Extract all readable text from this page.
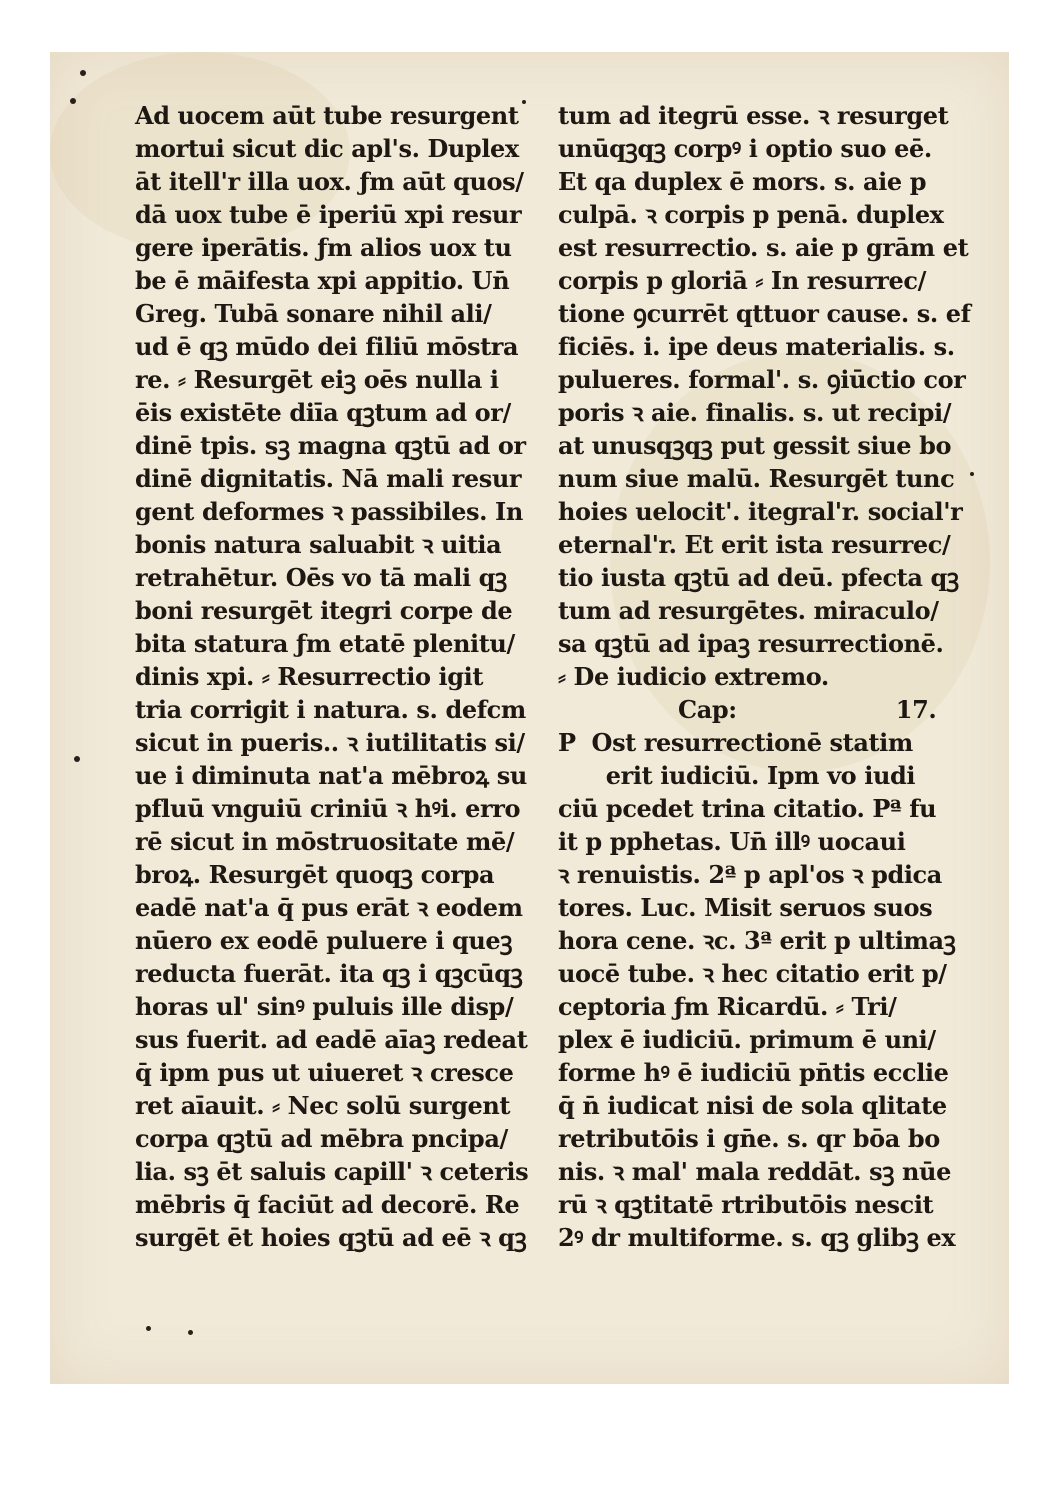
Ad uocem aūt tube resurgent
mortui sicut dic apl's. Duplex
āt itell'r illa uox. ƒm aūt quos/
dā uox tube ē iperiū xpi resur
gere iperātis. ƒm alios uox tu
be ē māifesta xpi appitio. Un̄
Greg. Tubā sonare nihil ali/
ud ē qꝫ mūdo dei filiū mōstra
re. ⸗ Resurgēt eiꝫ oēs nulla i
ēis existēte diīa qꝫtum ad or/
dinē tpis. sꝫ magna qꝫtū ad or
dinē dignitatis. Nā mali resur
gent deformes ꝛ passibiles. In
bonis natura saluabit ꝛ uitia
retrahētur. Oēs vo tā mali qꝫ
boni resurgēt itegri corpe de
bita statura ƒm etatē plenitu/
dinis xpi. ⸗ Resurrectio igit
tria corrigit i natura. s. defcm
sicut in pueris.. ꝛ iutilitatis si/
ue i diminuta nat'a mēbroꝝ su
pfluū vnguiū criniū ꝛ hꝰi. erro
rē sicut in mōstruositate mē/
broꝝ. Resurgēt quoqꝫ corpa
eadē nat'a q̄ pus erāt ꝛ eodem
nūero ex eodē puluere i queꝫ
reducta fuerāt. ita qꝫ i qꝫcūqꝫ
horas ul' sinꝰ puluis ille disp/
sus fuerit. ad eadē aīaꝫ redeat
q̄ ipm pus ut uiueret ꝛ cresce
ret aīauit. ⸗ Nec solū surgent
corpa qꝫtū ad mēbra pncipa/
lia. sꝫ ēt saluis capill' ꝛ ceteris
mēbris q̄ faciūt ad decorē. Re
surgēt ēt hoies qꝫtū ad eē ꝛ qꝫ
tum ad itegrū esse. ꝛ resurget
unūqꝫqꝫ corpꝰ i optio suo eē.
Et qa duplex ē mors. s. aie p
culpā. ꝛ corpis p penā. duplex
est resurrectio. s. aie p grām et
corpis p gloriā ⸗ In resurrec/
tione ꝯcurrēt qttuor cause. s. ef
ficiēs. i. ipe deus materialis. s.
pulueres. formal'. s. ꝯiūctio cor
poris ꝛ aie. finalis. s. ut recipi/
at unusqꝫqꝫ put gessit siue bo
num siue malū. Resurgēt tunc
hoies uelocit'. itegral'r. social'r
eternal'r. Et erit ista resurrec/
tio iusta qꝫtū ad deū. pfecta qꝫ
tum ad resurgētes. miraculo/
sa qꝫtū ad ipaꝫ resurrectionē.
⸗ De iudicio extremo.
Cap:                    17.
P  Ost resurrectionē statim
erit iudiciū. Ipm vo iudi
ciū pcedet trina citatio. Pª fu
it p pphetas. Un̄ illꝰ uocaui
ꝛ renuistis. 2ª p apl'os ꝛ pdica
tores. Luc. Misit seruos suos
hora cene. ꝛc. 3ª erit p ultimaꝫ
uocē tube. ꝛ hec citatio erit p/
ceptoria ƒm Ricardū. ⸗ Tri/
plex ē iudiciū. primum ē uni/
forme hꝰ ē iudiciū pn̄tis ecclie
q̄ n̄ iudicat nisi de sola qlitate
retributōis i gn̄e. s. qr bōa bo
nis. ꝛ mal' mala reddāt. sꝫ nūe
rū ꝛ qꝫtitatē rtributōis nescit
2ꝰ dr multiforme. s. qꝫ glibꝫ ex
